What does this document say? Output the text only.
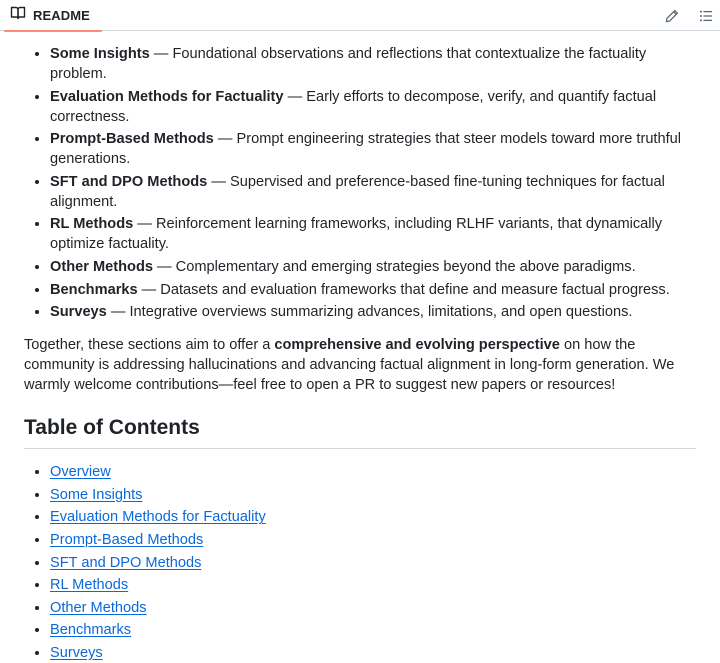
README
• Some Insights — Foundational observations and reflections that contextualize the factuality problem.
• Evaluation Methods for Factuality — Early efforts to decompose, verify, and quantify factual correctness.
• Prompt-Based Methods — Prompt engineering strategies that steer models toward more truthful generations.
• SFT and DPO Methods — Supervised and preference-based fine-tuning techniques for factual alignment.
• RL Methods — Reinforcement learning frameworks, including RLHF variants, that dynamically optimize factuality.
• Other Methods — Complementary and emerging strategies beyond the above paradigms.
• Benchmarks — Datasets and evaluation frameworks that define and measure factual progress.
• Surveys — Integrative overviews summarizing advances, limitations, and open questions.

Together, these sections aim to offer a comprehensive and evolving perspective on how the community is addressing hallucinations and advancing factual alignment in long-form generation. We warmly welcome contributions—feel free to open a PR to suggest new papers or resources!

Table of Contents
• Overview
• Some Insights
• Evaluation Methods for Factuality
• Prompt-Based Methods
• SFT and DPO Methods
• RL Methods
• Other Methods
• Benchmarks
• Surveys
